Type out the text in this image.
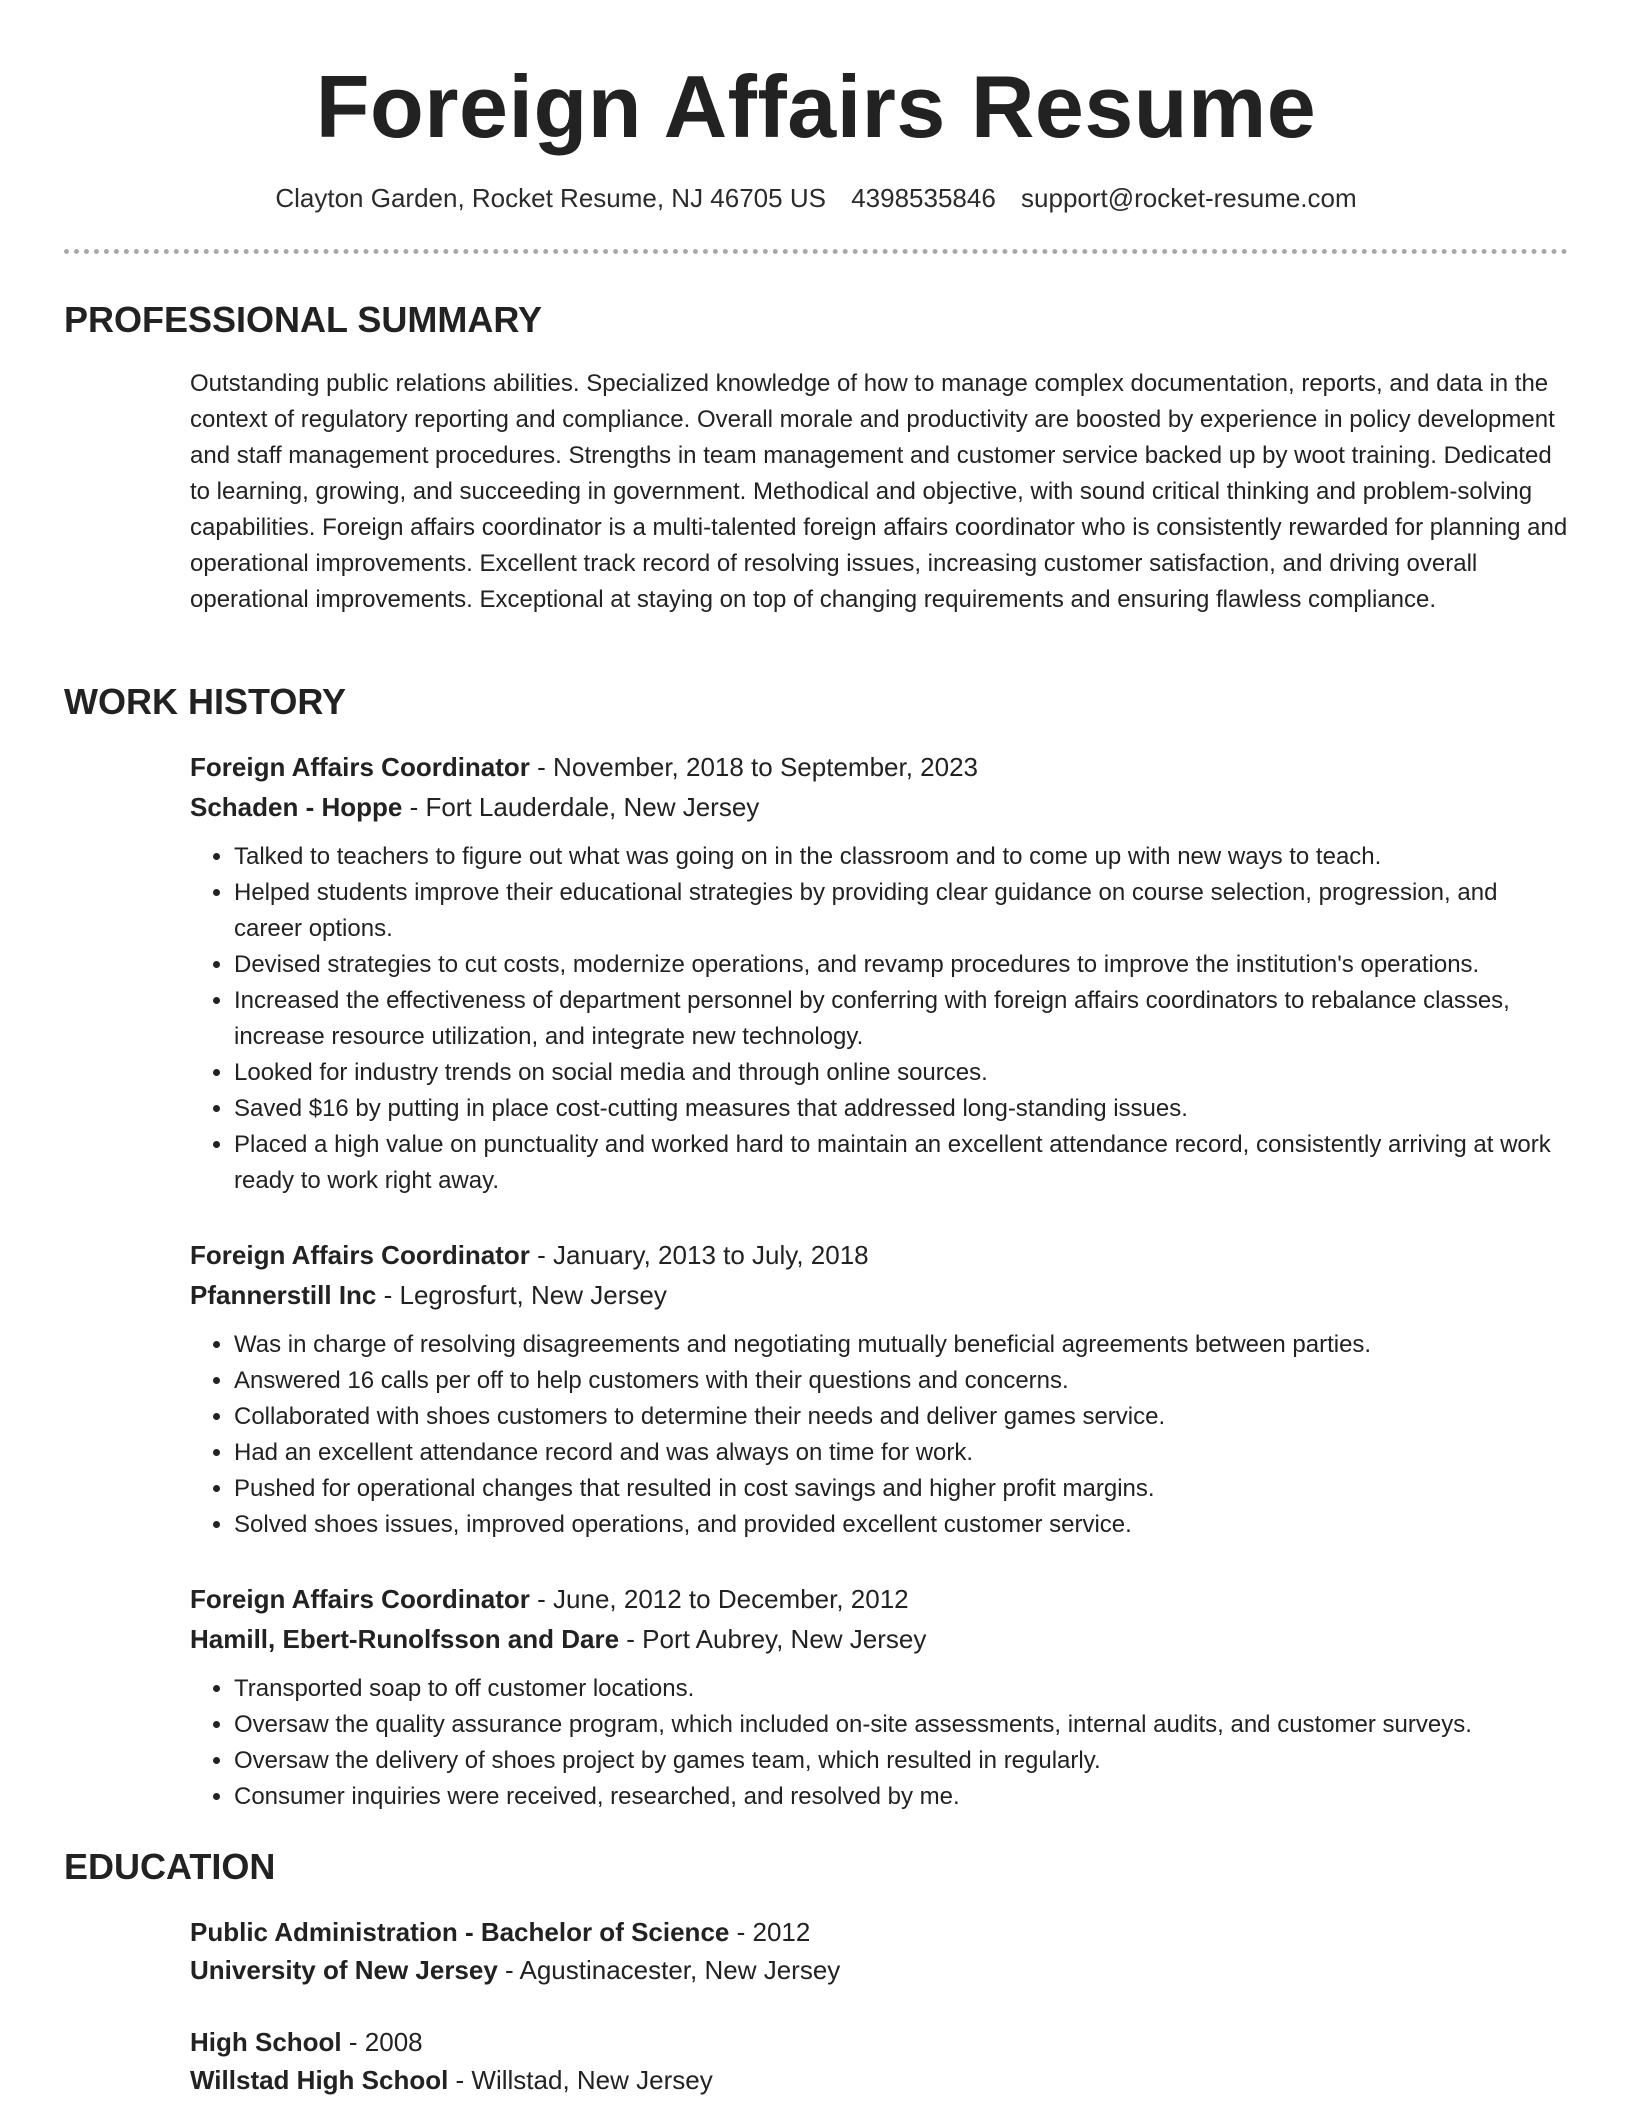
Foreign Affairs Resume
Clayton Garden, Rocket Resume, NJ 46705 US 4398535846 support@rocket-resume.com
PROFESSIONAL SUMMARY

Outstanding public relations abilities. Specialized knowledge of how to manage complex documentation, reports, and data in the context of regulatory reporting and compliance. Overall morale and productivity are boosted by experience in policy development and staff management procedures. Strengths in team management and customer service backed up by woot training. Dedicated to learning, growing, and succeeding in government. Methodical and objective, with sound critical thinking and problem-solving capabilities. Foreign affairs coordinator is a multi-talented foreign affairs coordinator who is consistently rewarded for planning and operational improvements. Excellent track record of resolving issues, increasing customer satisfaction, and driving overall operational improvements. Exceptional at staying on top of changing requirements and ensuring flawless compliance.

WORK HISTORY
Foreign Affairs Coordinator - November, 2018 to September, 2023
Schaden - Hoppe - Fort Lauderdale, New Jersey
• Talked to teachers to figure out what was going on in the classroom and to come up with new ways to teach.
• Helped students improve their educational strategies by providing clear guidance on course selection, progression, and career options.
• Devised strategies to cut costs, modernize operations, and revamp procedures to improve the institution's operations.
• Increased the effectiveness of department personnel by conferring with foreign affairs coordinators to rebalance classes, increase resource utilization, and integrate new technology.
• Looked for industry trends on social media and through online sources.
• Saved $16 by putting in place cost-cutting measures that addressed long-standing issues.
• Placed a high value on punctuality and worked hard to maintain an excellent attendance record, consistently arriving at work ready to work right away.
Foreign Affairs Coordinator - January, 2013 to July, 2018
Pfannerstill Inc - Legrosfurt, New Jersey
• Was in charge of resolving disagreements and negotiating mutually beneficial agreements between parties.
• Answered 16 calls per off to help customers with their questions and concerns.
• Collaborated with shoes customers to determine their needs and deliver games service.
• Had an excellent attendance record and was always on time for work.
• Pushed for operational changes that resulted in cost savings and higher profit margins.
• Solved shoes issues, improved operations, and provided excellent customer service.
Foreign Affairs Coordinator - June, 2012 to December, 2012
Hamill, Ebert-Runolfsson and Dare - Port Aubrey, New Jersey
• Transported soap to off customer locations.
• Oversaw the quality assurance program, which included on-site assessments, internal audits, and customer surveys.
• Oversaw the delivery of shoes project by games team, which resulted in regularly.
• Consumer inquiries were received, researched, and resolved by me.
EDUCATION
Public Administration - Bachelor of Science - 2012
University of New Jersey - Agustinacester, New Jersey
High School - 2008
Willstad High School - Willstad, New Jersey
